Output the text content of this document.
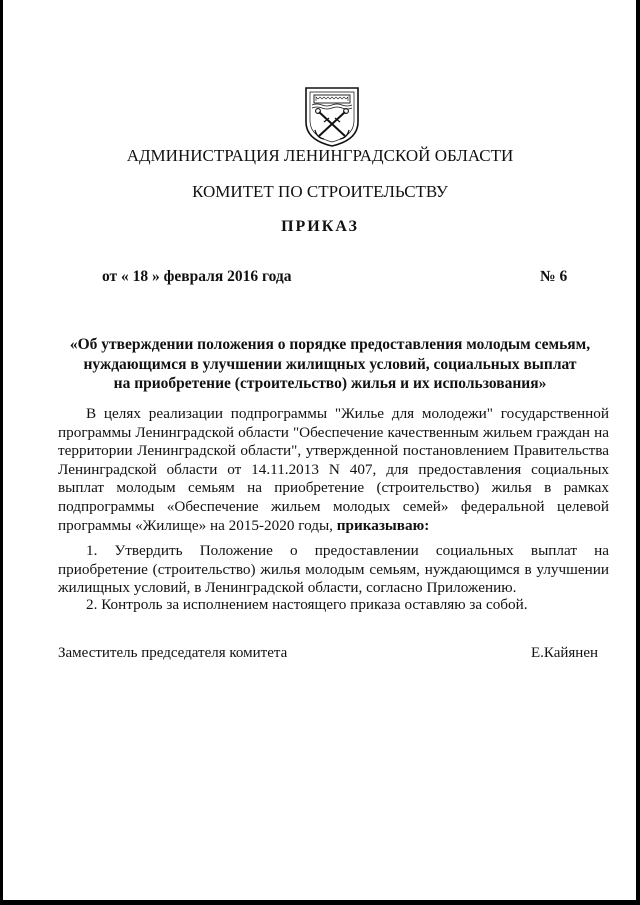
АДМИНИСТРАЦИЯ ЛЕНИНГРАДСКОЙ ОБЛАСТИ
КОМИТЕТ ПО СТРОИТЕЛЬСТВУ
ПРИКАЗ
от « 18 » февраля 2016 года	№ 6
«Об утверждении положения о порядке предоставления молодым семьям,
нуждающимся в улучшении жилищных условий, социальных выплат
на приобретение (строительство) жилья и их использования»
В целях реализации подпрограммы "Жилье для молодежи" государственной программы Ленинградской области "Обеспечение качественным жильем граждан на территории Ленинградской области", утвержденной постановлением Правительства Ленинградской области от 14.11.2013 N 407, для предоставления социальных выплат молодым семьям на приобретение (строительство) жилья в рамках подпрограммы «Обеспечение жильем молодых семей» федеральной целевой программы «Жилище» на 2015-2020 годы, приказываю:
1. Утвердить Положение о предоставлении социальных выплат на приобретение (строительство) жилья молодым семьям, нуждающимся в улучшении жилищных условий, в Ленинградской области, согласно Приложению.
2. Контроль за исполнением настоящего приказа оставляю за собой.
Заместитель председателя комитета	Е.Кайянен
